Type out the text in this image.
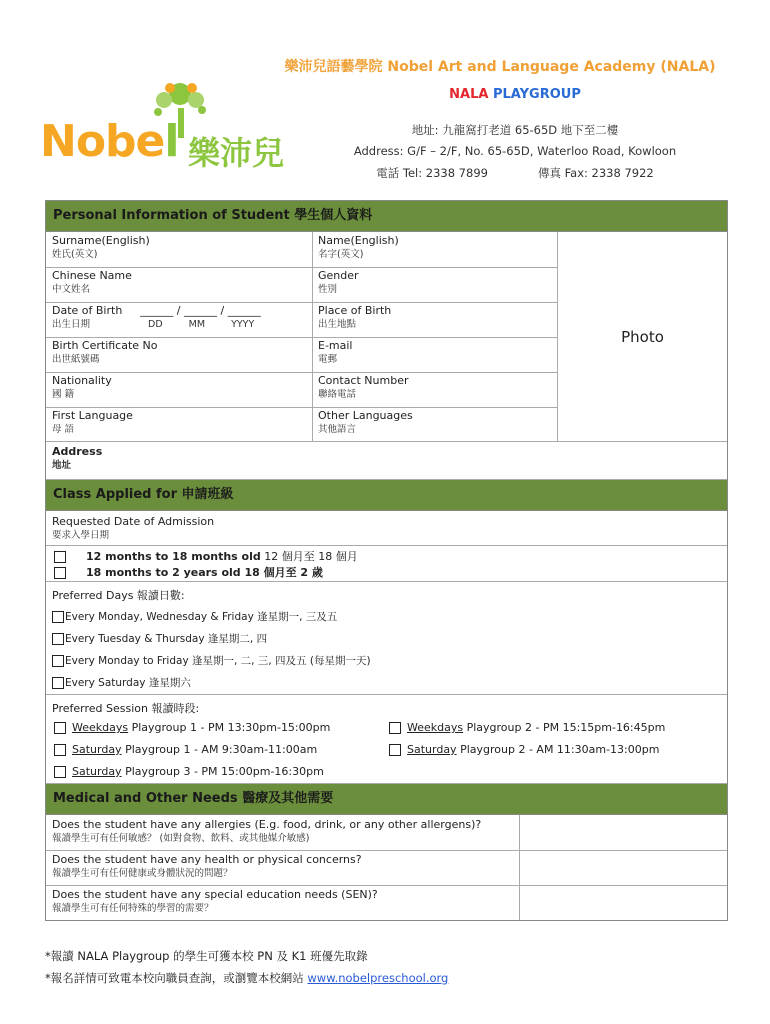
Nobel 樂沛兒
樂沛兒語藝學院 Nobel Art and Language Academy (NALA)
NALA PLAYGROUP
地址: 九龍窩打老道 65-65D 地下至二樓
Address: G/F – 2/F, No. 65-65D, Waterloo Road, Kowloon
電話 Tel: 2338 7899	傳真 Fax: 2338 7922
Personal Information of Student 學生個人資料
Surname(English)
姓氏(英文)
Name(English)
名字(英文)
Chinese Name
中文姓名
Gender
性別
Date of Birth ______ / ______ / ______
出生日期	DD	MM	YYYY
Place of Birth
出生地點
Birth Certificate No
出世紙號碼
E-mail
電郵
Nationality
國 籍
Contact Number
聯絡電話
First Language
母 語
Other Languages
其他語言
Photo
Address
地址
Class Applied for 申請班級
Requested Date of Admission
要求入學日期
12 months to 18 months old 12 個月至 18 個月
18 months to 2 years old 18 個月至 2 歲
Preferred Days 報讀日數:
Every Monday, Wednesday & Friday 逢星期一, 三及五
Every Tuesday & Thursday 逢星期二, 四
Every Monday to Friday 逢星期一, 二, 三, 四及五 (每星期一天)
Every Saturday 逢星期六
Preferred Session 報讀時段:
Weekdays Playgroup 1 - PM 13:30pm-15:00pm	Weekdays Playgroup 2 - PM 15:15pm-16:45pm
Saturday Playgroup 1 - AM 9:30am-11:00am	Saturday Playgroup 2 - AM 11:30am-13:00pm
Saturday Playgroup 3 - PM 15:00pm-16:30pm
Medical and Other Needs 醫療及其他需要
Does the student have any allergies (E.g. food, drink, or any other allergens)?
報讀學生可有任何敏感？ (如對食物、飲料、或其他媒介敏感)
Does the student have any health or physical concerns?
報讀學生可有任何健康或身體狀況的問題？
Does the student have any special education needs (SEN)?
報讀學生可有任何特殊的學習的需要？
*報讀 NALA Playgroup 的學生可獲本校 PN 及 K1 班優先取錄
*報名詳情可致電本校向職員查詢，或瀏覽本校網站 www.nobelpreschool.org
